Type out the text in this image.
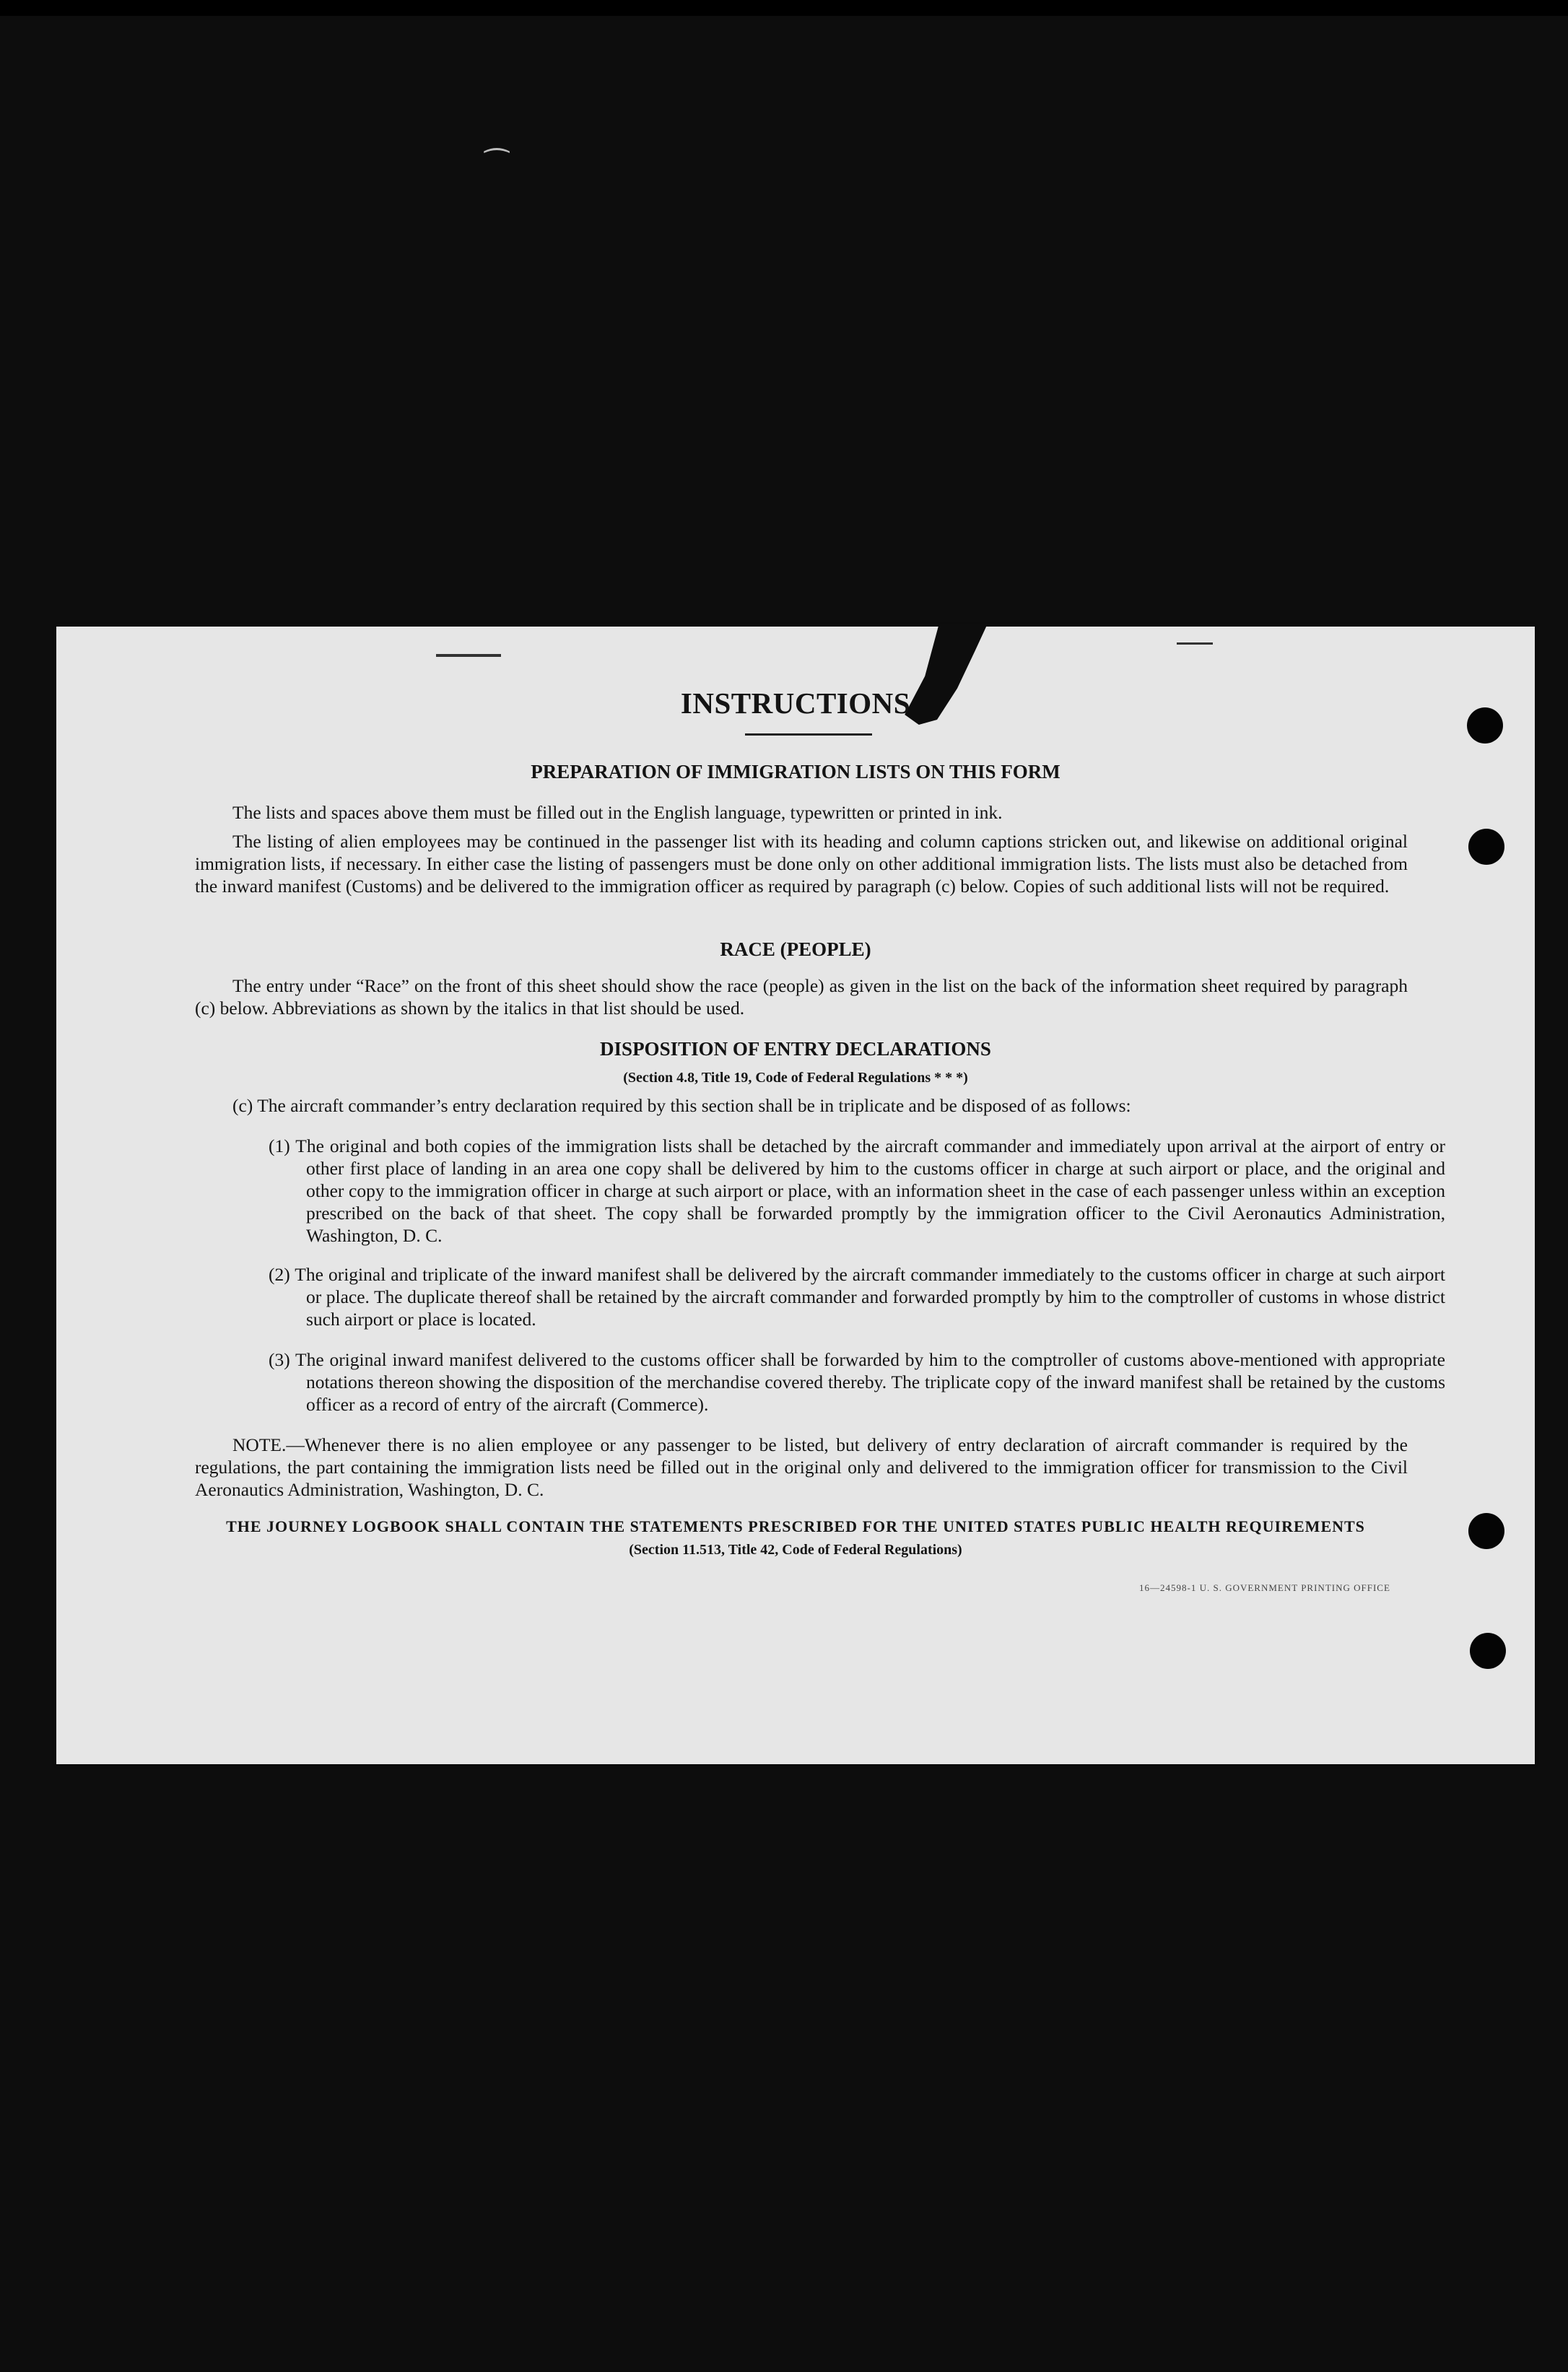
⁀
INSTRUCTIONS
PREPARATION OF IMMIGRATION LISTS ON THIS FORM
The lists and spaces above them must be filled out in the English language, typewritten or printed in ink.
The listing of alien employees may be continued in the passenger list with its heading and column captions stricken out, and likewise on additional original immigration lists, if necessary. In either case the listing of passengers must be done only on other additional immigration lists. The lists must also be detached from the inward manifest (Customs) and be delivered to the immigration officer as required by paragraph (c) below. Copies of such additional lists will not be required.
RACE (PEOPLE)
The entry under “Race” on the front of this sheet should show the race (people) as given in the list on the back of the information sheet required by paragraph (c) below. Abbreviations as shown by the italics in that list should be used.
DISPOSITION OF ENTRY DECLARATIONS
(Section 4.8, Title 19, Code of Federal Regulations * * *)
(c) The aircraft commander’s entry declaration required by this section shall be in triplicate and be disposed of as follows:
(1) The original and both copies of the immigration lists shall be detached by the aircraft commander and immediately upon arrival at the airport of entry or other first place of landing in an area one copy shall be delivered by him to the customs officer in charge at such airport or place, and the original and other copy to the immigration officer in charge at such airport or place, with an information sheet in the case of each passenger unless within an exception prescribed on the back of that sheet. The copy shall be forwarded promptly by the immigration officer to the Civil Aeronautics Administration, Washington, D. C.
(2) The original and triplicate of the inward manifest shall be delivered by the aircraft commander immediately to the customs officer in charge at such airport or place. The duplicate thereof shall be retained by the aircraft commander and forwarded promptly by him to the comptroller of customs in whose district such airport or place is located.
(3) The original inward manifest delivered to the customs officer shall be forwarded by him to the comptroller of customs above-mentioned with appropriate notations thereon showing the disposition of the merchandise covered thereby. The triplicate copy of the inward manifest shall be retained by the customs officer as a record of entry of the aircraft (Commerce).
NOTE.—Whenever there is no alien employee or any passenger to be listed, but delivery of entry declaration of aircraft commander is required by the regulations, the part containing the immigration lists need be filled out in the original only and delivered to the immigration officer for transmission to the Civil Aeronautics Administration, Washington, D. C.
THE JOURNEY LOGBOOK SHALL CONTAIN THE STATEMENTS PRESCRIBED FOR THE UNITED STATES PUBLIC HEALTH REQUIREMENTS
(Section 11.513, Title 42, Code of Federal Regulations)
16—24598-1 U. S. GOVERNMENT PRINTING OFFICE
